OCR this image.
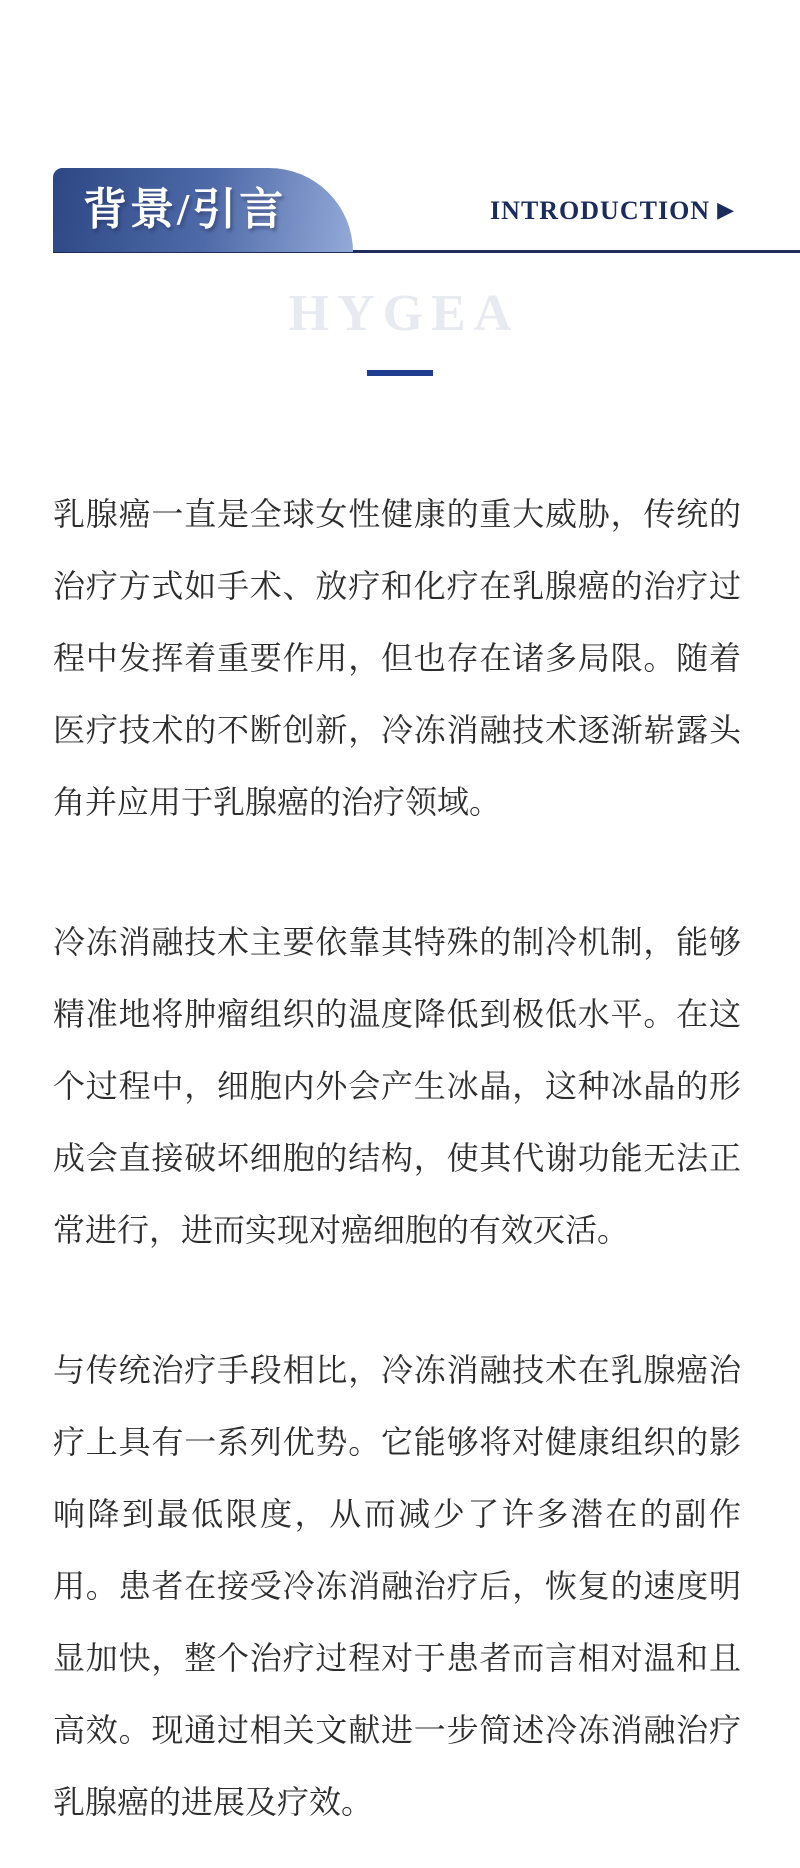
背景/引言	INTRODUCTION ▶
HYGEA

乳腺癌一直是全球女性健康的重大威胁，传统的治疗方式如手术、放疗和化疗在乳腺癌的治疗过程中发挥着重要作用，但也存在诸多局限。随着医疗技术的不断创新，冷冻消融技术逐渐崭露头角并应用于乳腺癌的治疗领域。

冷冻消融技术主要依靠其特殊的制冷机制，能够精准地将肿瘤组织的温度降低到极低水平。在这个过程中，细胞内外会产生冰晶，这种冰晶的形成会直接破坏细胞的结构，使其代谢功能无法正常进行，进而实现对癌细胞的有效灭活。

与传统治疗手段相比，冷冻消融技术在乳腺癌治疗上具有一系列优势。它能够将对健康组织的影响降到最低限度，从而减少了许多潜在的副作用。患者在接受冷冻消融治疗后，恢复的速度明显加快，整个治疗过程对于患者而言相对温和且高效。现通过相关文献进一步简述冷冻消融治疗乳腺癌的进展及疗效。
